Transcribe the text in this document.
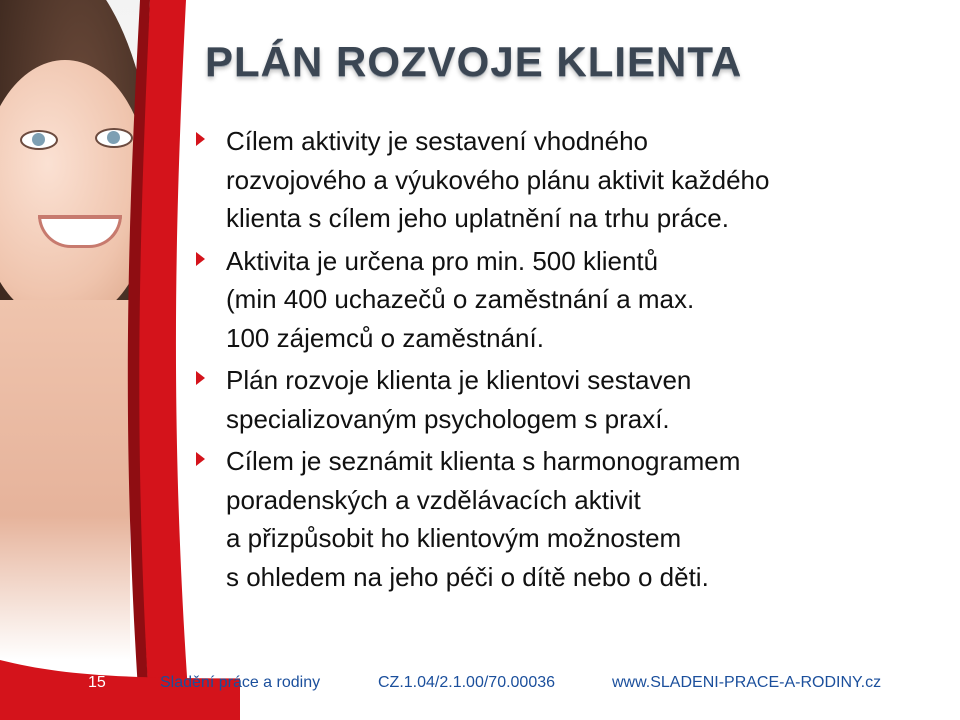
PLÁN ROZVOJE KLIENTA
Cílem aktivity je sestavení vhodného
rozvojového a výukového plánu aktivit každého
klienta s cílem jeho uplatnění na trhu práce.
Aktivita je určena pro min. 500 klientů
(min 400 uchazečů o zaměstnání a max.
100 zájemců o zaměstnání.
Plán rozvoje klienta je klientovi sestaven
specializovaným psychologem s praxí.
Cílem je seznámit klienta s harmonogramem
poradenských a vzdělávacích aktivit
a přizpůsobit ho klientovým možnostem
s ohledem na jeho péči o dítě nebo o děti.
15	Sladění práce a rodiny	CZ.1.04/2.1.00/70.00036	www.SLADENI-PRACE-A-RODINY.cz
